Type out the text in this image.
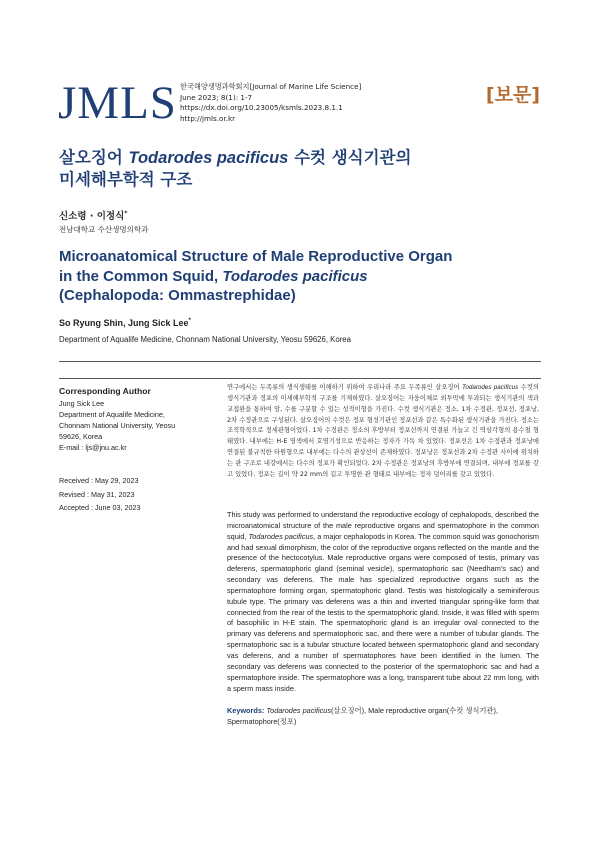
JMLS 한국해양생명과학회지[Journal of Marine Life Science]
June 2023; 8(1): 1-7
https://dx.doi.org/10.23005/ksmls.2023.8.1.1
http://jmls.or.kr
[보문]
살오징어 Todarodes pacificus 수컷 생식기관의
미세해부학적 구조
신소령 · 이정식*
전남대학교 수산생명의학과
Microanatomical Structure of Male Reproductive Organ
in the Common Squid, Todarodes pacificus
(Cephalopoda: Ommastrephidae)
So Ryung Shin, Jung Sick Lee*
Department of Aqualife Medicine, Chonnam National University, Yeosu 59626, Korea
Corresponding Author
Jung Sick Lee
Department of Aqualife Medicine,
Chonnam National University, Yeosu
59626, Korea
E-mail : ljs@jnu.ac.kr
Received : May 29, 2023
Revised : May 31, 2023
Accepted : June 03, 2023
연구에서는 두족류의 생식생태를 이해하기 위하여 우리나라 주요 두족류인 살오징어 Todarodes pacificus 수컷의 생식기관과 정포의 미세해부학적 구조를 기재하였다. 살오징어는 자웅이체로 외투막에 투과되는 생식기관의 색과 교접완을 통하여 암, 수를 구분할 수 있는 성적이형을 가진다. 수컷 생식기관은 정소, 1차 수정관, 정포선, 정포낭, 2차 수정관으로 구성된다. 살오징어의 수컷은 정포 형성기관인 정포선과 같은 특수화된 생식기관을 가진다. 정소는 조직학적으로 정세관형이었다. 1차 수정관은 정소의 후방부터 정포선까지 연결된 가늘고 긴 역삼각형의 용수철 형태였다. 내부에는 H-E 염색에서 호염기성으로 반응하는 정자가 가득 차 있었다. 정포선은 1차 수정관과 정포낭에 연결된 불규칙한 타원형으로 내부에는 다수의 관상선이 존재하였다. 정포낭은 정포선과 2차 수정관 사이에 위치하는 관 구조로 내강에서는 다수의 정포가 확인되었다. 2차 수정관은 정포낭의 후방부에 연결되며, 내부에 정포를 갖고 있었다. 정포는 길이 약 22 mm의 길고 투명한 관 형태로 내부에는 정자 덩어리를 갖고 있었다.
This study was performed to understand the reproductive ecology of cephalopods, described the microanatomical structure of the male reproductive organs and spermatophore in the common squid, Todarodes pacificus, a major cephalopods in Korea. The common squid was gonochorism and had sexual dimorphism, the color of the reproductive organs reflected on the mantle and the presence of the hectocotylus. Male reproductive organs were composed of testis, primary vas deferens, spermatophoric gland (seminal vesicle), spermatophoric sac (Needham's sac) and secondary vas deferens. The male has specialized reproductive organs such as the spermatophore forming organ, spermatophoric gland. Testis was histologically a seminiferous tubule type. The primary vas deferens was a thin and inverted triangular spring-like form that connected from the rear of the testis to the spermatophoric gland. Inside, it was filled with sperm of basophilic in H-E stain. The spermatophoric gland is an irregular oval connected to the primary vas deferens and spermatophoric sac, and there were a number of tubular glands. The spermatophoric sac is a tubular structure located between spermatophoric gland and secondary vas deferens, and a number of spermatophores have been identified in the lumen. The secondary vas deferens was connected to the posterior of the spermatophoric sac and had a spermatophore inside. The spermatophore was a long, transparent tube about 22 mm long, with a sperm mass inside.
Keywords: Todarodes pacificus(살오징어), Male reproductive organ(수컷 생식기관), Spermatophore(정포)
